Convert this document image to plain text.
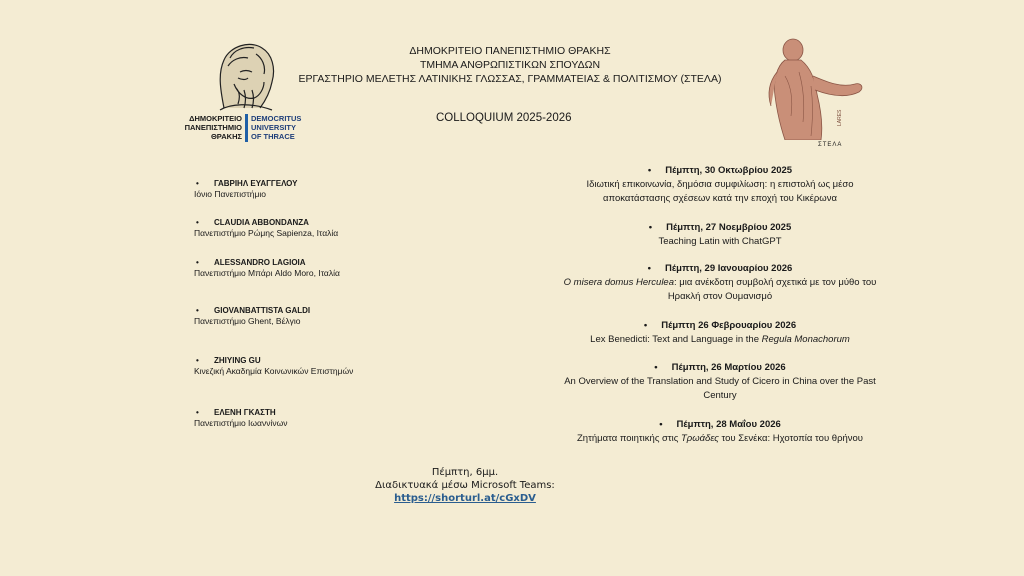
ΔΗΜΟΚΡΙΤΕΙΟ
ΠΑΝΕΠΙΣΤΗΜΙΟ
ΘΡΑΚΗΣ
DEMOCRITUS
UNIVERSITY
OF THRACE
ΔΗΜΟΚΡΙΤΕΙΟ ΠΑΝΕΠΙΣΤΗΜΙΟ ΘΡΑΚΗΣ
ΤΜΗΜΑ ΑΝΘΡΩΠΙΣΤΙΚΩΝ ΣΠΟΥΔΩΝ
ΕΡΓΑΣΤΗΡΙΟ ΜΕΛΕΤΗΣ ΛΑΤΙΝΙΚΗΣ ΓΛΩΣΣΑΣ, ΓΡΑΜΜΑΤΕΙΑΣ & ΠΟΛΙΤΙΣΜΟΥ (ΣΤΕΛΑ)
COLLOQUIUM 2025-2026	LARES
ΣΤΕΛΑ
• ΓΑΒΡΙΗΛ ΕΥΑΓΓΕΛΟΥ
Ιόνιο Πανεπιστήμιο
• CLAUDIA ABBONDANZA
Πανεπιστήμιο Ρώμης Sapienza, Ιταλία
• ALESSANDRO LAGIOIA
Πανεπιστήμιο Μπάρι Aldo Moro, Ιταλία
• GIOVANBATTISTA GALDI
Πανεπιστήμιο Ghent, Βέλγιο
• ZHIYING GU
Κινεζική Ακαδημία Κοινωνικών Επιστημών
• ΕΛΕΝΗ ΓΚΑΣΤΗ
Πανεπιστήμιο Ιωαννίνων
• Πέμπτη, 30 Οκτωβρίου 2025
Ιδιωτική επικοινωνία, δημόσια συμφιλίωση: η επιστολή ως μέσο αποκατάστασης σχέσεων κατά την εποχή του Κικέρωνα
• Πέμπτη, 27 Νοεμβρίου 2025
Teaching Latin with ChatGPT
• Πέμπτη, 29 Ιανουαρίου 2026
O misera domus Herculea: μια ανέκδοτη συμβολή σχετικά με τον μύθο του Ηρακλή στον Ουμανισμό
• Πέμπτη 26 Φεβρουαρίου 2026
Lex Benedicti: Text and Language in the Regula Monachorum
• Πέμπτη, 26 Μαρτίου 2026
An Overview of the Translation and Study of Cicero in China over the Past Century
• Πέμπτη, 28 Μαΐου 2026
Ζητήματα ποιητικής στις Τρωάδες του Σενέκα: Ηχοτοπία του θρήνου
Πέμπτη, 6μμ.
Διαδικτυακά μέσω Microsoft Teams:
https://shorturl.at/cGxDV
